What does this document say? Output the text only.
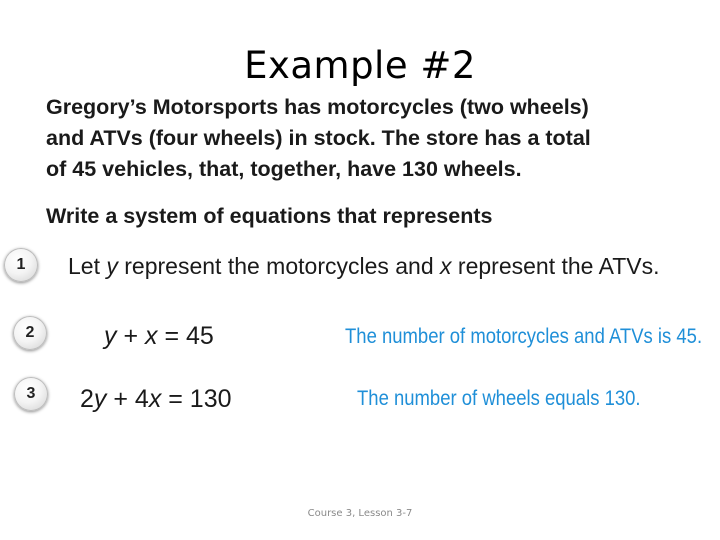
Example #2
Gregory’s Motorsports has motorcycles (two wheels)
and ATVs (four wheels) in stock. The store has a total
of 45 vehicles, that, together, have 130 wheels.
Write a system of equations that represents
1	Let y represent the motorcycles and x represent the ATVs.
2	y + x = 45	The number of motorcycles and ATVs is 45.
3	2y + 4x = 130	The number of wheels equals 130.
Course 3, Lesson 3-7
